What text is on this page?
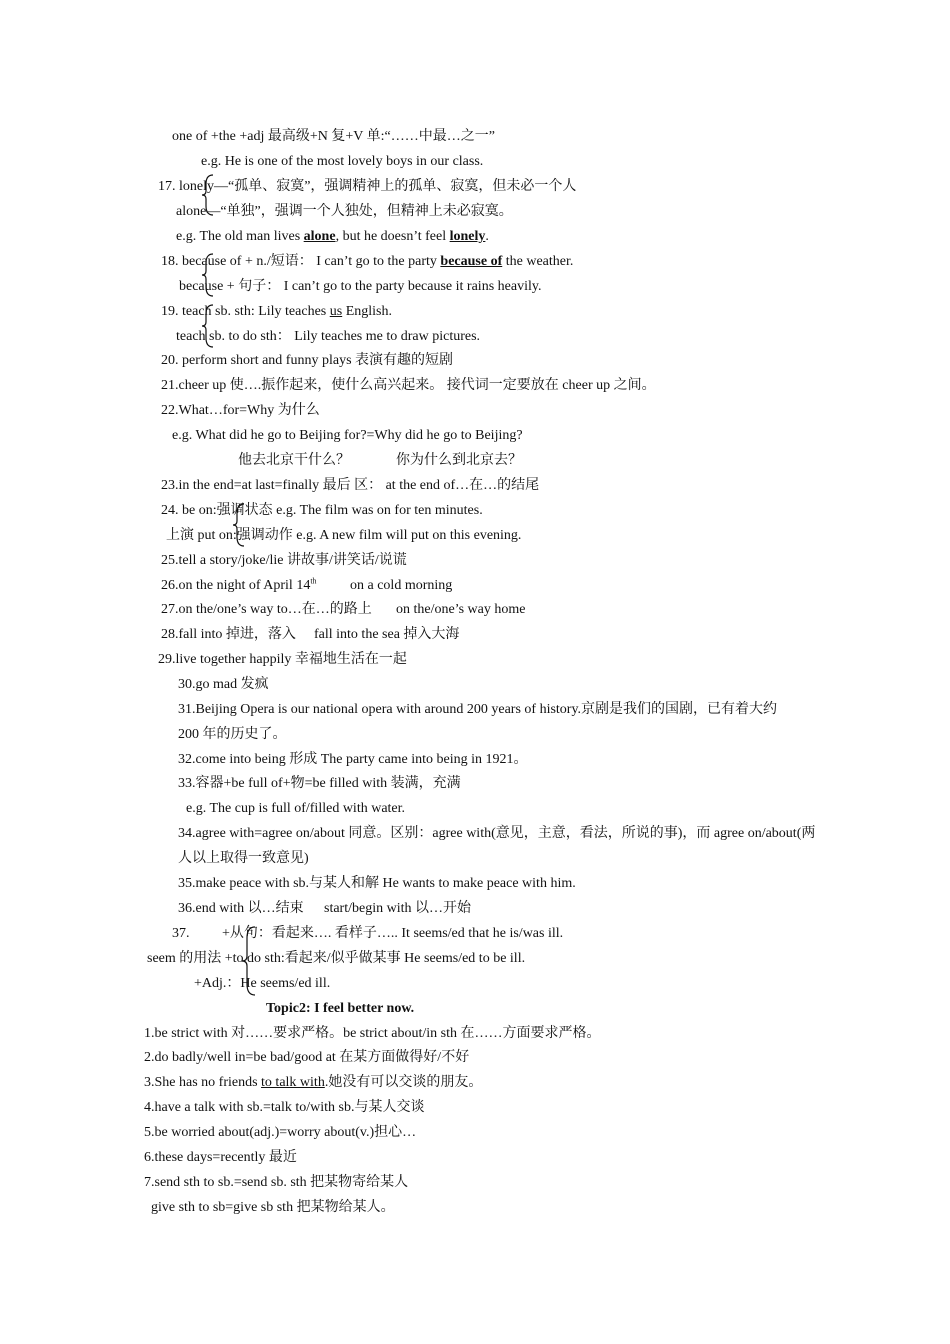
one of +the +adj 最高级+N 复+V 单:“……中最…之一”
e.g. He is one of the most lovely boys in our class.
17. lonely—“孤单、寂寞”，强调精神上的孤单、寂寞，但未必一个人
alone—“单独”，强调一个人独处，但精神上未必寂寞。
e.g. The old man lives alone, but he doesn’t feel lonely.
18. because of + n./短语： I can’t go to the party because of the weather.
because + 句子： I can’t go to the party because it rains heavily.
19. teach sb. sth: Lily teaches us English.
teach sb. to do sth： Lily teaches me to draw pictures.
20. perform short and funny plays 表演有趣的短剧
21.cheer up 使….振作起来，使什么高兴起来。 接代词一定要放在 cheer up 之间。
22.What…for=Why 为什么
e.g. What did he go to Beijing for?=Why did he go to Beijing?
他去北京干什么？	你为什么到北京去？
23.in the end=at last=finally 最后 区： at the end of…在…的结尾
24. be on:强调状态 e.g. The film was on for ten minutes.
上演 put on:强调动作 e.g. A new film will put on this evening.
25.tell a story/joke/lie 讲故事/讲笑话/说谎
26.on the night of April 14th on a cold morning
27.on the/one’s way to…在…的路上 on the/one’s way home
28.fall into 掉进，落入 fall into the sea 掉入大海
29.live together happily 幸福地生活在一起
30.go mad 发疯
31.Beijing Opera is our national opera with around 200 years of history.京剧是我们的国剧，已有着大约
200 年的历史了。
32.come into being 形成 The party came into being in 1921。
33.容器+be full of+物=be filled with 装满，充满
e.g. The cup is full of/filled with water.
34.agree with=agree on/about 同意。区别：agree with(意见，主意，看法，所说的事)，而 agree on/about(两
人以上取得一致意见)
35.make peace with sb.与某人和解 He wants to make peace with him.
36.end with 以…结束 start/begin with 以…开始
37. +从句：看起来…. 看样子….. It seems/ed that he is/was ill.
seem 的用法 +to do sth:看起来/似乎做某事 He seems/ed to be ill.
+Adj.：He seems/ed ill.
Topic2: I feel better now.
1.be strict with 对……要求严格。be strict about/in sth 在……方面要求严格。
2.do badly/well in=be bad/good at 在某方面做得好/不好
3.She has no friends to talk with.她没有可以交谈的朋友。
4.have a talk with sb.=talk to/with sb.与某人交谈
5.be worried about(adj.)=worry about(v.)担心…
6.these days=recently 最近
7.send sth to sb.=send sb. sth 把某物寄给某人
give sth to sb=give sb sth 把某物给某人。
